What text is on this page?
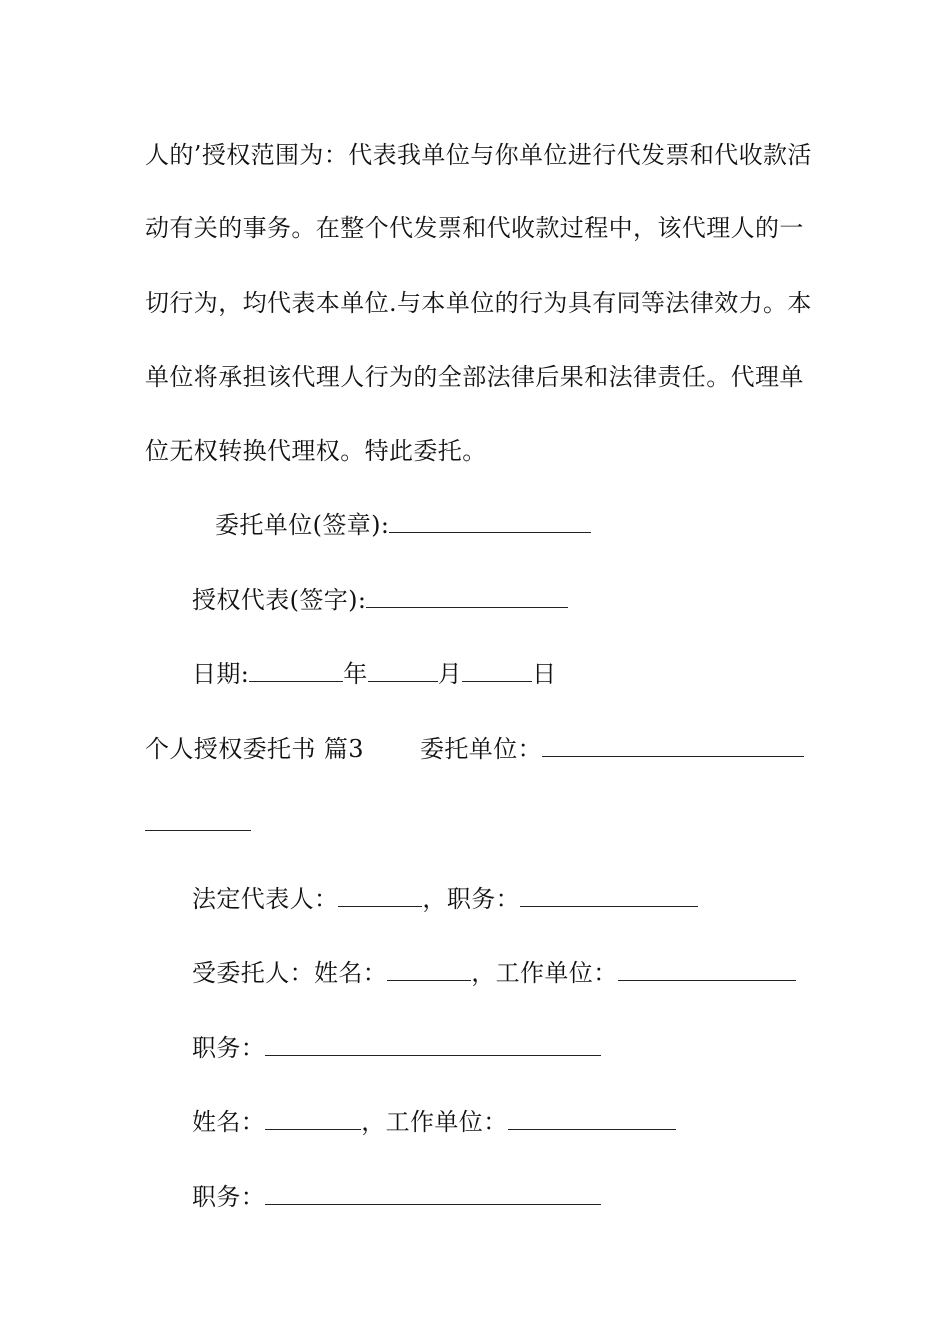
人的’授权范围为：代表我单位与你单位进行代发票和代收款活
动有关的事务。在整个代发票和代收款过程中，该代理人的一
切行为，均代表本单位.与本单位的行为具有同等法律效力。本
单位将承担该代理人行为的全部法律后果和法律责任。代理单
位无权转换代理权。特此委托。
委托单位(签章):
授权代表(签字):
日期:	年	月	日
个人授权委托书 篇3 委托单位：
法定代表人：	，职务：
受委托人：姓名：	，工作单位：
职务：
姓名：	，工作单位：
职务：
